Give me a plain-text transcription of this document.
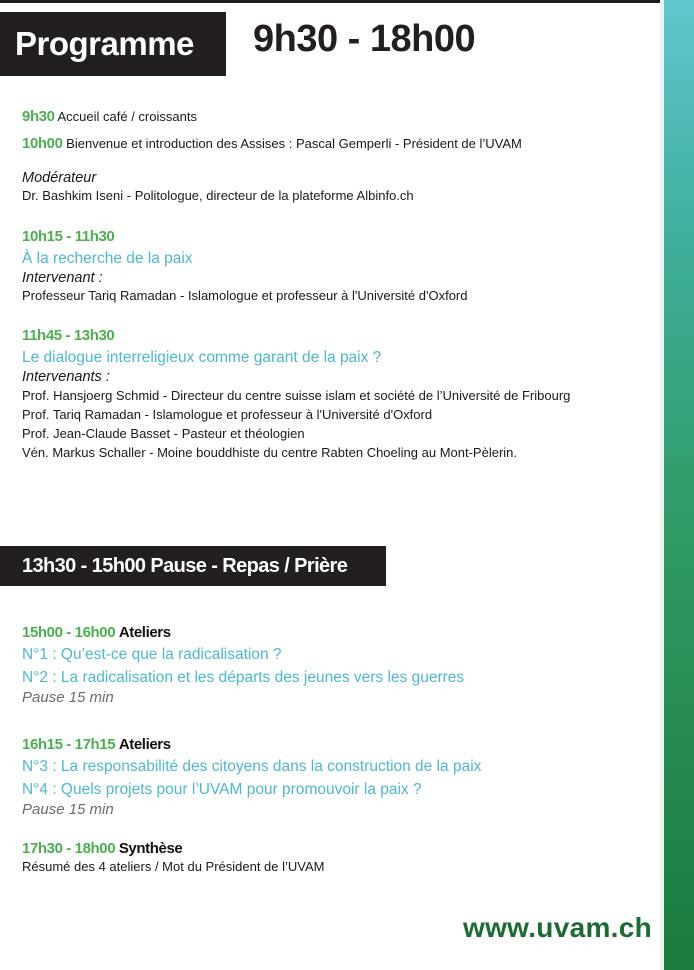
Programme	9h30 - 18h00
9h30 Accueil café / croissants
10h00 Bienvenue et introduction des Assises : Pascal Gemperli - Président de l’UVAM
Modérateur
Dr. Bashkim Iseni - Politologue, directeur de la plateforme Albinfo.ch
10h15 - 11h30
À la recherche de la paix
Intervenant :
Professeur Tariq Ramadan - Islamologue et professeur à l'Université d'Oxford
11h45 - 13h30
Le dialogue interreligieux comme garant de la paix ?
Intervenants :
Prof. Hansjoerg Schmid - Directeur du centre suisse islam et société de l’Université de Fribourg
Prof. Tariq Ramadan - Islamologue et professeur à l'Université d'Oxford
Prof. Jean-Claude Basset - Pasteur et théologien
Vén. Markus Schaller - Moine bouddhiste du centre Rabten Choeling au Mont-Pèlerin.
13h30 - 15h00 Pause - Repas / Prière
15h00 - 16h00 Ateliers
N°1 : Qu’est-ce que la radicalisation ?
N°2 : La radicalisation et les départs des jeunes vers les guerres
Pause 15 min
16h15 - 17h15 Ateliers
N°3 : La responsabilité des citoyens dans la construction de la paix
N°4 : Quels projets pour l’UVAM pour promouvoir la paix ?
Pause 15 min
17h30 - 18h00 Synthèse
Résumé des 4 ateliers / Mot du Président de l’UVAM
www.uvam.ch
